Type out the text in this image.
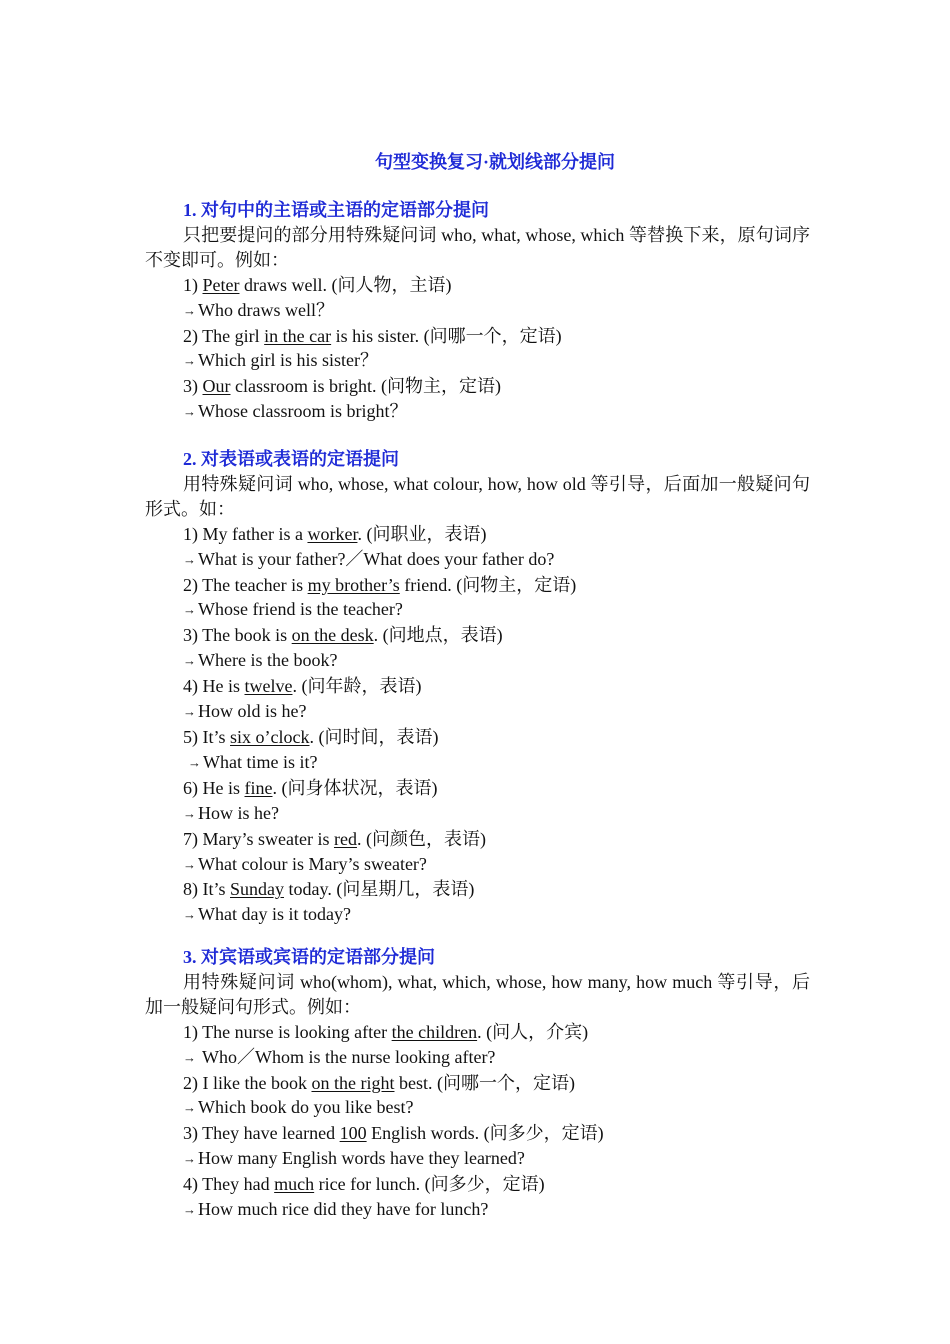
句型变换复习·就划线部分提问
1. 对句中的主语或主语的定语部分提问
只把要提问的部分用特殊疑问词 who, what, whose, which 等替换下来，原句词序不变即可。例如：
1) Peter draws well. (问人物，主语)
→ Who draws well？
2) The girl in the car is his sister. (问哪一个，定语)
→ Which girl is his sister？
3) Our classroom is bright. (问物主，定语)
→ Whose classroom is bright？
2. 对表语或表语的定语提问
用特殊疑问词 who, whose, what colour, how, how old 等引导，后面加一般疑问句形式。如：
1) My father is a worker. (问职业，表语)
→ What is your father?／What does your father do?
2) The teacher is my brother’s friend. (问物主，定语)
→ Whose friend is the teacher?
3) The book is on the desk. (问地点，表语)
→ Where is the book?
4) He is twelve. (问年龄，表语)
→ How old is he?
5) It’s six o’clock. (问时间，表语)
→ What time is it?
6) He is fine. (问身体状况，表语)
→ How is he?
7) Mary’s sweater is red. (问颜色，表语)
→ What colour is Mary’s sweater?
8) It’s Sunday today. (问星期几，表语)
→ What day is it today?
3. 对宾语或宾语的定语部分提问
用特殊疑问词 who(whom), what, which, whose, how many, how much 等引导，后加一般疑问句形式。例如：
1) The nurse is looking after the children. (问人，介宾)
→ Who／Whom is the nurse looking after?
2) I like the book on the right best. (问哪一个，定语)
→ Which book do you like best?
3) They have learned 100 English words. (问多少，定语)
→ How many English words have they learned?
4) They had much rice for lunch. (问多少，定语)
→ How much rice did they have for lunch?
